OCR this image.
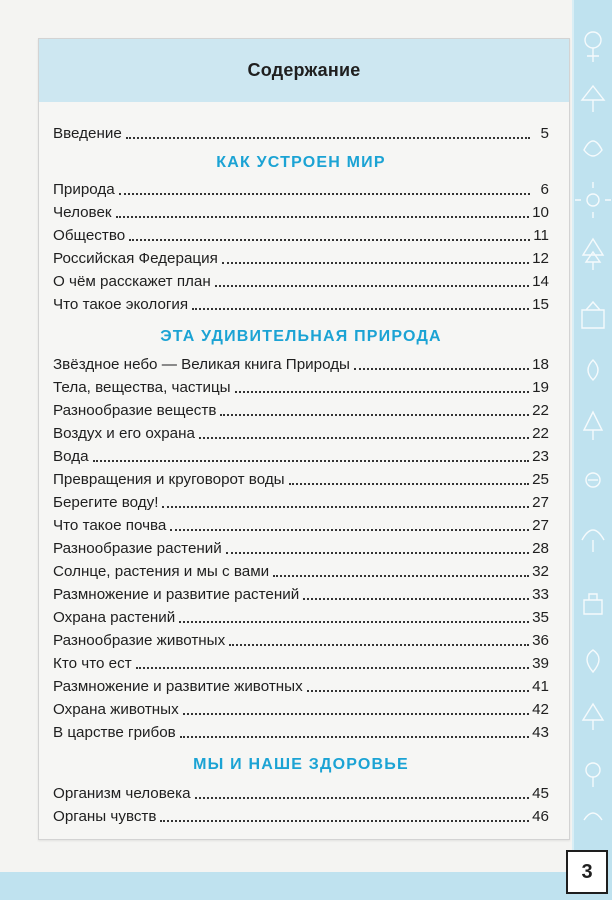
3
Содержание
Введение	5
КАК УСТРОЕН МИР
Природа	6
Человек	10
Общество	11
Российская Федерация	12
О чём расскажет план	14
Что такое экология	15
ЭТА УДИВИТЕЛЬНАЯ ПРИРОДА
Звёздное небо — Великая книга Природы	18
Тела, вещества, частицы	19
Разнообразие веществ	22
Воздух и его охрана	22
Вода	23
Превращения и круговорот воды	25
Берегите воду!	27
Что такое почва	27
Разнообразие растений	28
Солнце, растения и мы с вами	32
Размножение и развитие растений	33
Охрана растений	35
Разнообразие животных	36
Кто что ест	39
Размножение и развитие животных	41
Охрана животных	42
В царстве грибов	43
МЫ И НАШЕ ЗДОРОВЬЕ
Организм человека	45
Органы чувств	46
